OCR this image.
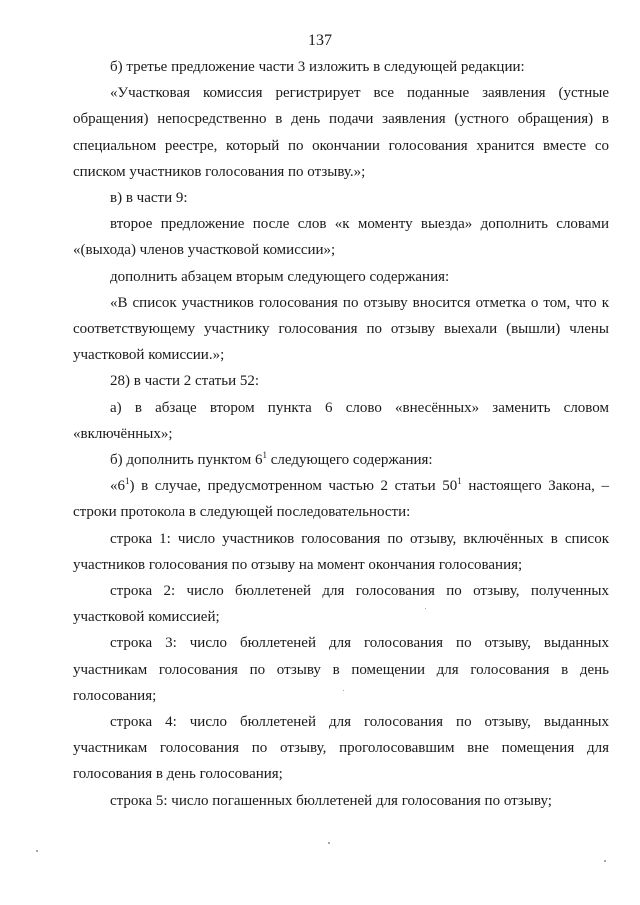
137

б) третье предложение части 3 изложить в следующей редакции:

«Участковая комиссия регистрирует все поданные заявления (устные обращения) непосредственно в день подачи заявления (устного обращения) в специальном реестре, который по окончании голосования хранится вместе со списком участников голосования по отзыву.»;

в) в части 9:

второе предложение после слов «к моменту выезда» дополнить словами «(выхода) членов участковой комиссии»;

дополнить абзацем вторым следующего содержания:

«В список участников голосования по отзыву вносится отметка о том, что к соответствующему участнику голосования по отзыву выехали (вышли) члены участковой комиссии.»;

28) в части 2 статьи 52:

а) в абзаце втором пункта 6 слово «внесённых» заменить словом «включённых»;

б) дополнить пунктом $6^1$ следующего содержания:

«$6^1$) в случае, предусмотренном частью 2 статьи $50^1$ настоящего Закона, – строки протокола в следующей последовательности:

строка 1: число участников голосования по отзыву, включённых в список участников голосования по отзыву на момент окончания голосования;

строка 2: число бюллетеней для голосования по отзыву, полученных участковой комиссией;

строка 3: число бюллетеней для голосования по отзыву, выданных участникам голосования по отзыву в помещении для голосования в день голосования;

строка 4: число бюллетеней для голосования по отзыву, выданных участникам голосования по отзыву, проголосовавшим вне помещения для голосования в день голосования;

строка 5: число погашенных бюллетеней для голосования по отзыву;
